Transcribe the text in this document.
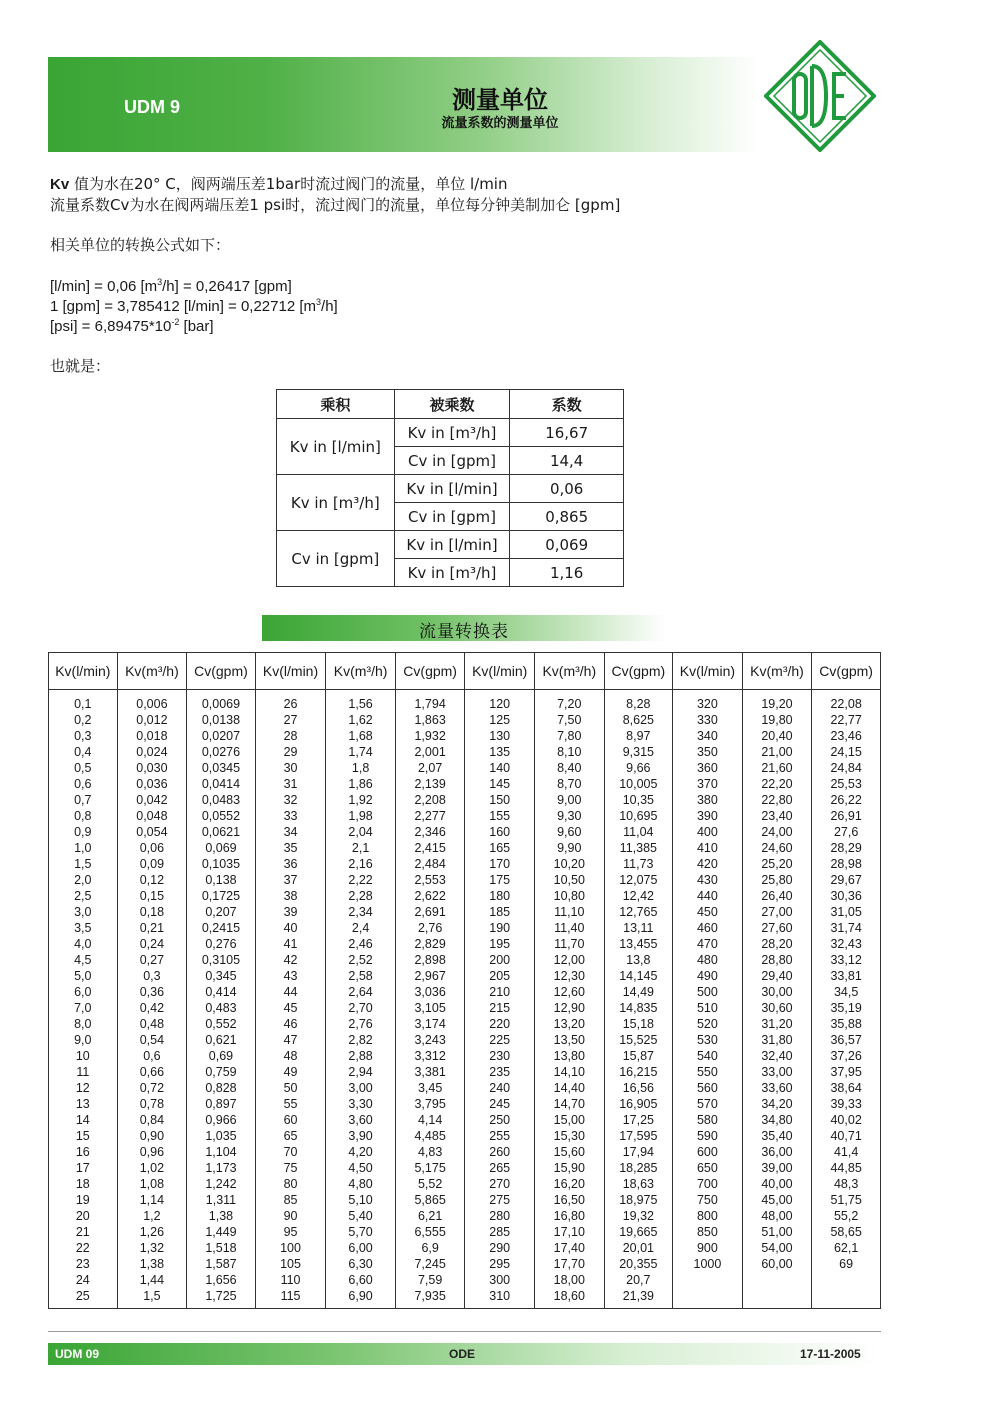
UDM 9	测量单位
流量系数的测量单位
Kv 值为水在20° C，阀两端压差1bar时流过阀门的流量，单位 l/min
流量系数Cv为水在阀两端压差1 psi时，流过阀门的流量，单位每分钟美制加仑 [gpm]
相关单位的转换公式如下：
[l/min] = 0,06 $[m^3/h] = 0,26417$ [gpm]
1 [gpm] = 3,785412 [l/min] = 0,22712 $[m^3/h]$
$[psi] = 6,89475*10^{-2}$ [bar]
也就是：
乘积	被乘数	系数
Kv in [l/min]	Kv in [m³/h]	16,67
	Cv in [gpm]	14,4
Kv in [m³/h]	Kv in [l/min]	0,06
	Cv in [gpm]	0,865
Cv in [gpm]	Kv in [l/min]	0,069
	Kv in [m³/h]	1,16
流量转换表
Kv(l/min)	Kv(m³/h)	Cv(gpm)	Kv(l/min)	Kv(m³/h)	Cv(gpm)	Kv(l/min)	Kv(m³/h)	Cv(gpm)	Kv(l/min)	Kv(m³/h)	Cv(gpm)
0,1	0,006	0,0069	26	1,56	1,794	120	7,20	8,28	320	19,20	22,08
0,2	0,012	0,0138	27	1,62	1,863	125	7,50	8,625	330	19,80	22,77
0,3	0,018	0,0207	28	1,68	1,932	130	7,80	8,97	340	20,40	23,46
0,4	0,024	0,0276	29	1,74	2,001	135	8,10	9,315	350	21,00	24,15
0,5	0,030	0,0345	30	1,8	2,07	140	8,40	9,66	360	21,60	24,84
0,6	0,036	0,0414	31	1,86	2,139	145	8,70	10,005	370	22,20	25,53
0,7	0,042	0,0483	32	1,92	2,208	150	9,00	10,35	380	22,80	26,22
0,8	0,048	0,0552	33	1,98	2,277	155	9,30	10,695	390	23,40	26,91
0,9	0,054	0,0621	34	2,04	2,346	160	9,60	11,04	400	24,00	27,6
1,0	0,06	0,069	35	2,1	2,415	165	9,90	11,385	410	24,60	28,29
1,5	0,09	0,1035	36	2,16	2,484	170	10,20	11,73	420	25,20	28,98
2,0	0,12	0,138	37	2,22	2,553	175	10,50	12,075	430	25,80	29,67
2,5	0,15	0,1725	38	2,28	2,622	180	10,80	12,42	440	26,40	30,36
3,0	0,18	0,207	39	2,34	2,691	185	11,10	12,765	450	27,00	31,05
3,5	0,21	0,2415	40	2,4	2,76	190	11,40	13,11	460	27,60	31,74
4,0	0,24	0,276	41	2,46	2,829	195	11,70	13,455	470	28,20	32,43
4,5	0,27	0,3105	42	2,52	2,898	200	12,00	13,8	480	28,80	33,12
5,0	0,3	0,345	43	2,58	2,967	205	12,30	14,145	490	29,40	33,81
6,0	0,36	0,414	44	2,64	3,036	210	12,60	14,49	500	30,00	34,5
7,0	0,42	0,483	45	2,70	3,105	215	12,90	14,835	510	30,60	35,19
8,0	0,48	0,552	46	2,76	3,174	220	13,20	15,18	520	31,20	35,88
9,0	0,54	0,621	47	2,82	3,243	225	13,50	15,525	530	31,80	36,57
10	0,6	0,69	48	2,88	3,312	230	13,80	15,87	540	32,40	37,26
11	0,66	0,759	49	2,94	3,381	235	14,10	16,215	550	33,00	37,95
12	0,72	0,828	50	3,00	3,45	240	14,40	16,56	560	33,60	38,64
13	0,78	0,897	55	3,30	3,795	245	14,70	16,905	570	34,20	39,33
14	0,84	0,966	60	3,60	4,14	250	15,00	17,25	580	34,80	40,02
15	0,90	1,035	65	3,90	4,485	255	15,30	17,595	590	35,40	40,71
16	0,96	1,104	70	4,20	4,83	260	15,60	17,94	600	36,00	41,4
17	1,02	1,173	75	4,50	5,175	265	15,90	18,285	650	39,00	44,85
18	1,08	1,242	80	4,80	5,52	270	16,20	18,63	700	40,00	48,3
19	1,14	1,311	85	5,10	5,865	275	16,50	18,975	750	45,00	51,75
20	1,2	1,38	90	5,40	6,21	280	16,80	19,32	800	48,00	55,2
21	1,26	1,449	95	5,70	6,555	285	17,10	19,665	850	51,00	58,65
22	1,32	1,518	100	6,00	6,9	290	17,40	20,01	900	54,00	62,1
23	1,38	1,587	105	6,30	7,245	295	17,70	20,355	1000	60,00	69
24	1,44	1,656	110	6,60	7,59	300	18,00	20,7			
25	1,5	1,725	115	6,90	7,935	310	18,60	21,39			
UDM 09	ODE	17-11-2005
